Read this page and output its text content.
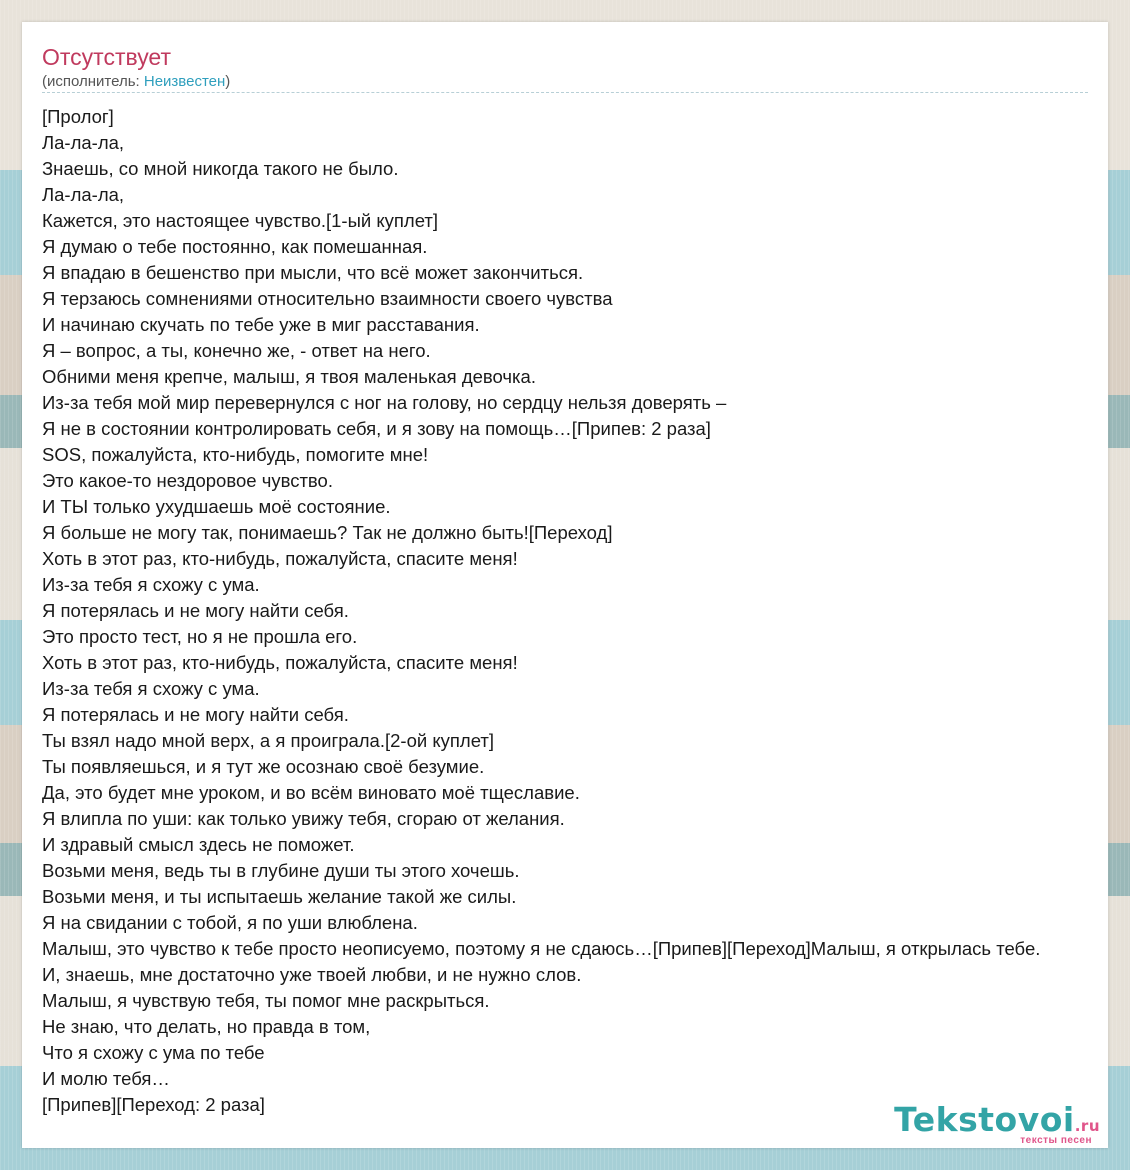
Отсутствует
(исполнитель: Неизвестен)
[Пролог]
Ла-ла-ла,
Знаешь, со мной никогда такого не было.
Ла-ла-ла,
Кажется, это настоящее чувство.[1-ый куплет]
Я думаю о тебе постоянно, как помешанная.
Я впадаю в бешенство при мысли, что всё может закончиться.
Я терзаюсь сомнениями относительно взаимности своего чувства
И начинаю скучать по тебе уже в миг расставания.
Я – вопрос, а ты, конечно же, - ответ на него.
Обними меня крепче, малыш, я твоя маленькая девочка.
Из-за тебя мой мир перевернулся с ног на голову, но сердцу нельзя доверять –
Я не в состоянии контролировать себя, и я зову на помощь…[Припев: 2 раза]
SOS, пожалуйста, кто-нибудь, помогите мне!
Это какое-то нездоровое чувство.
И ТЫ только ухудшаешь моё состояние.
Я больше не могу так, понимаешь? Так не должно быть![Переход]
Хоть в этот раз, кто-нибудь, пожалуйста, спасите меня!
Из-за тебя я схожу с ума.
Я потерялась и не могу найти себя.
Это просто тест, но я не прошла его.
Хоть в этот раз, кто-нибудь, пожалуйста, спасите меня!
Из-за тебя я схожу с ума.
Я потерялась и не могу найти себя.
Ты взял надо мной верх, а я проиграла.[2-ой куплет]
Ты появляешься, и я тут же осознаю своё безумие.
Да, это будет мне уроком, и во всём виновато моё тщеславие.
Я влипла по уши: как только увижу тебя, сгораю от желания.
И здравый смысл здесь не поможет.
Возьми меня, ведь ты в глубине души ты этого хочешь.
Возьми меня, и ты испытаешь желание такой же силы.
Я на свидании с тобой, я по уши влюблена.
Малыш, это чувство к тебе просто неописуемо, поэтому я не сдаюсь…[Припев][Переход]Малыш, я открылась тебе.
И, знаешь, мне достаточно уже твоей любви, и не нужно слов.
Малыш, я чувствую тебя, ты помог мне раскрыться.
Не знаю, что делать, но правда в том,
Что я схожу с ума по тебе
И молю тебя…
[Припев][Переход: 2 раза]	Tekstovoi.ru
тексты песен
